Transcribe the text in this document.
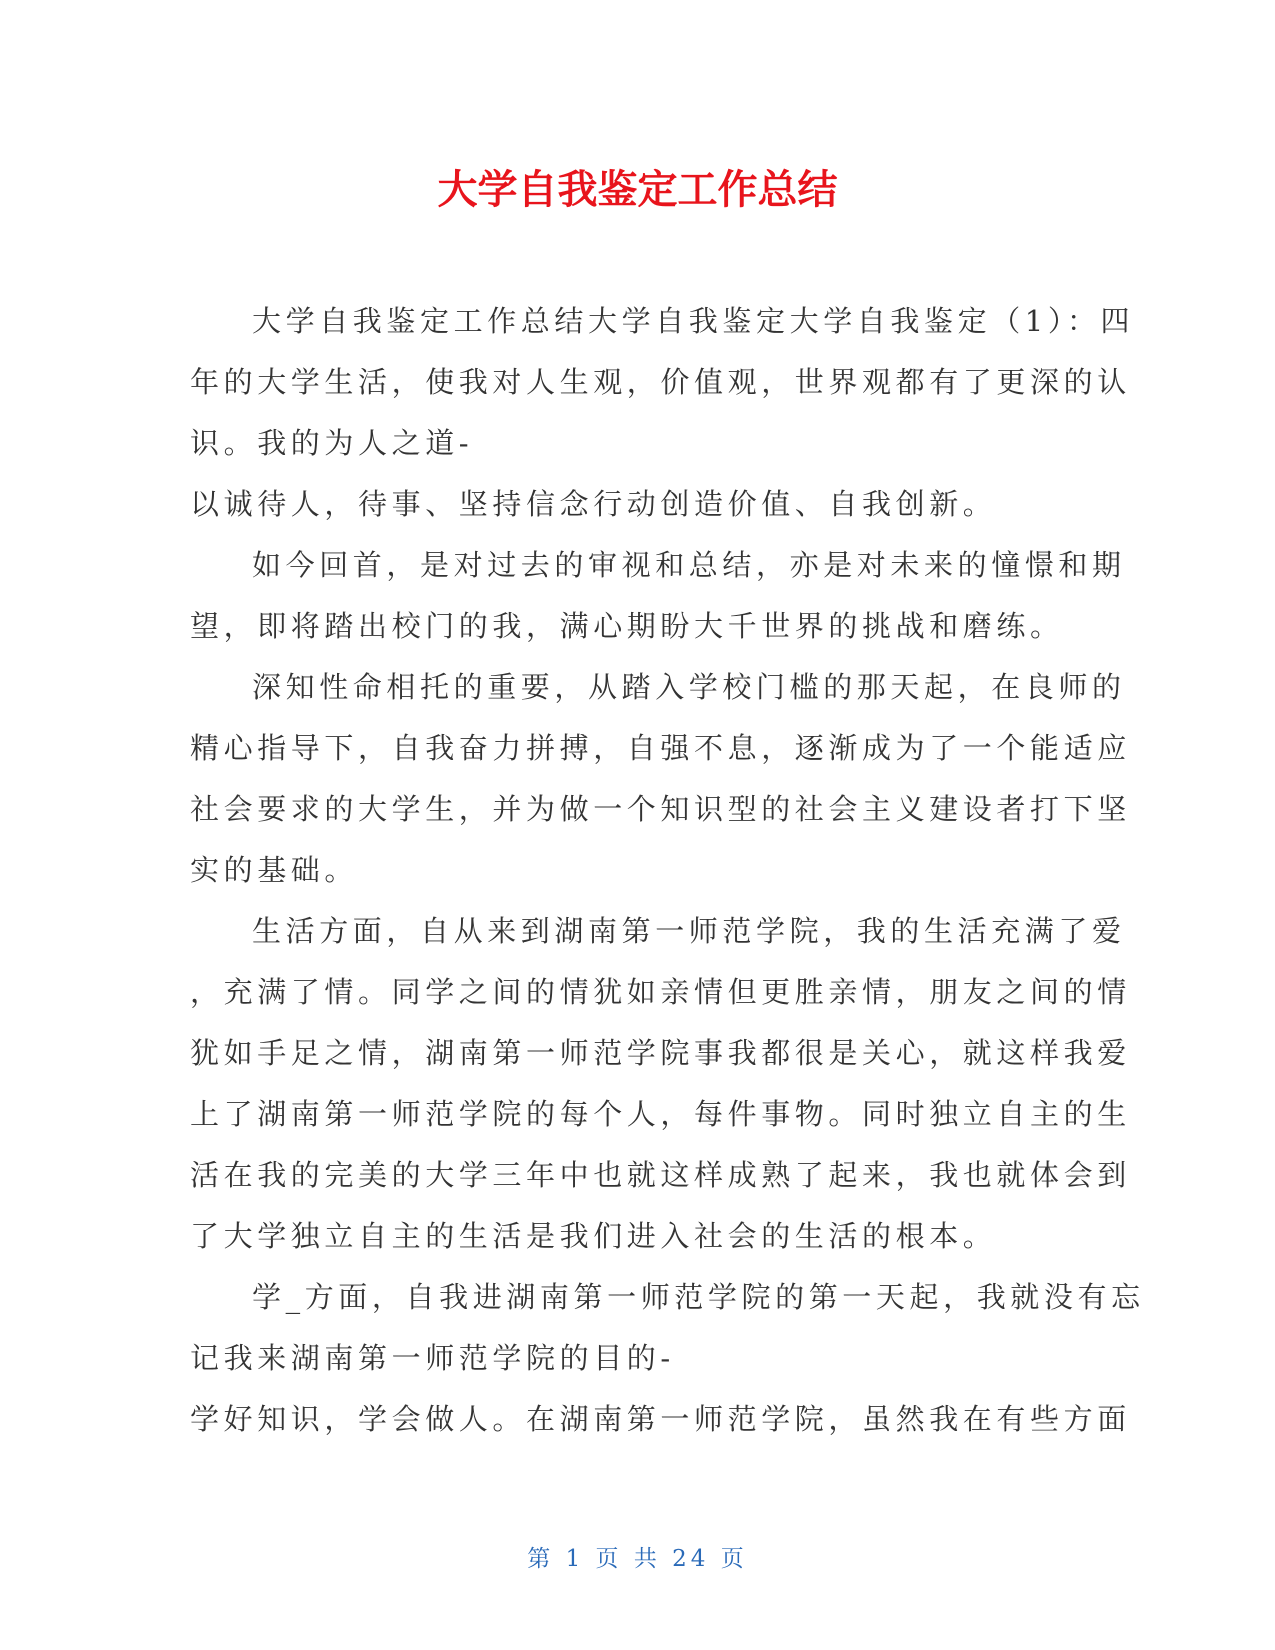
大学自我鉴定工作总结
大学自我鉴定工作总结大学自我鉴定大学自我鉴定（1）：四
年的大学生活，使我对人生观，价值观，世界观都有了更深的认
识。我的为人之道-
以诚待人，待事、坚持信念行动创造价值、自我创新。
如今回首，是对过去的审视和总结，亦是对未来的憧憬和期
望，即将踏出校门的我，满心期盼大千世界的挑战和磨练。
深知性命相托的重要，从踏入学校门槛的那天起，在良师的
精心指导下，自我奋力拼搏，自强不息，逐渐成为了一个能适应
社会要求的大学生，并为做一个知识型的社会主义建设者打下坚
实的基础。
生活方面，自从来到湖南第一师范学院，我的生活充满了爱
，充满了情。同学之间的情犹如亲情但更胜亲情，朋友之间的情
犹如手足之情，湖南第一师范学院事我都很是关心，就这样我爱
上了湖南第一师范学院的每个人，每件事物。同时独立自主的生
活在我的完美的大学三年中也就这样成熟了起来，我也就体会到
了大学独立自主的生活是我们进入社会的生活的根本。
学_方面，自我进湖南第一师范学院的第一天起，我就没有忘
记我来湖南第一师范学院的目的-
学好知识，学会做人。在湖南第一师范学院，虽然我在有些方面
第 1 页 共 24 页
